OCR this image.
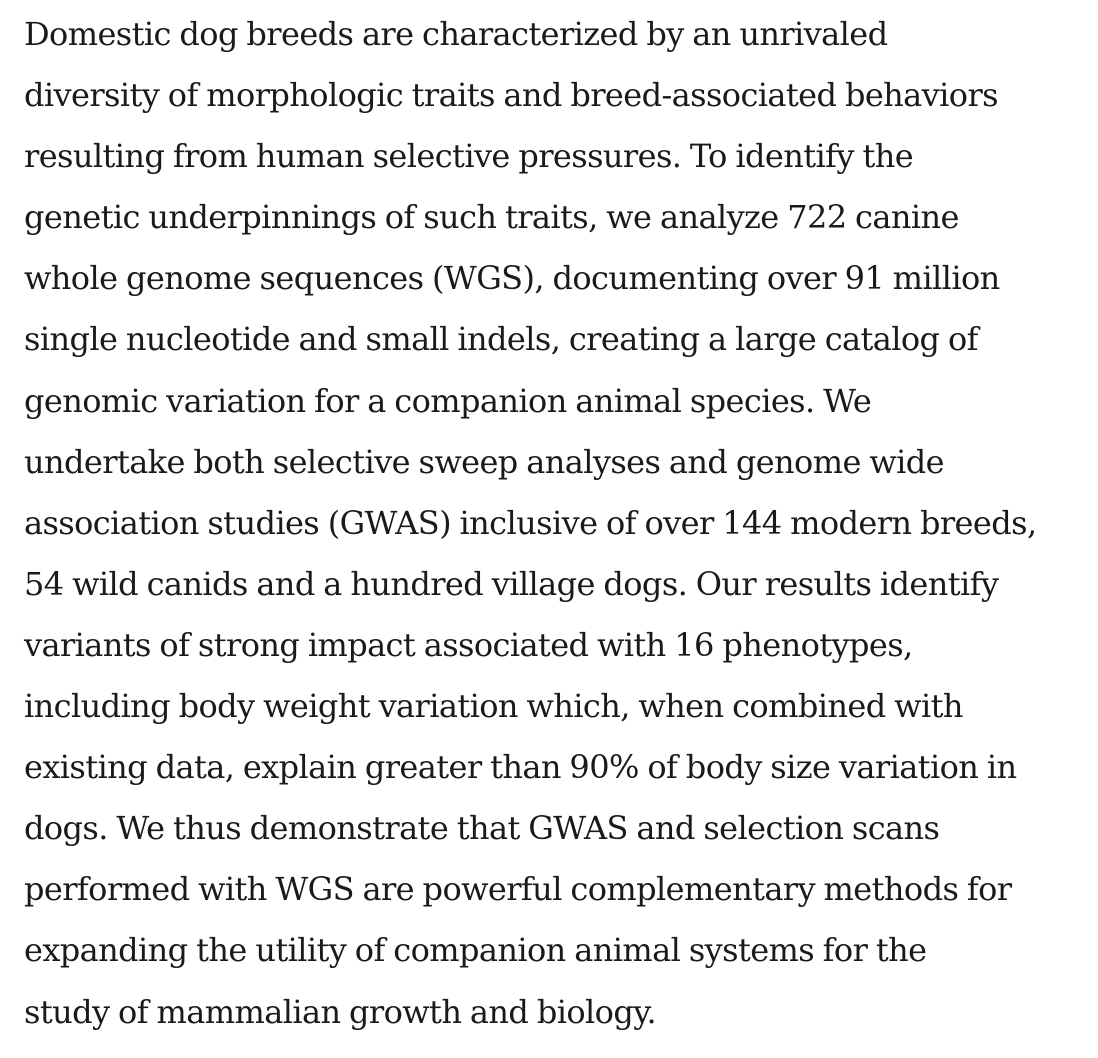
Domestic dog breeds are characterized by an unrivaled
diversity of morphologic traits and breed-associated behaviors
resulting from human selective pressures. To identify the
genetic underpinnings of such traits, we analyze 722 canine
whole genome sequences (WGS), documenting over 91 million
single nucleotide and small indels, creating a large catalog of
genomic variation for a companion animal species. We
undertake both selective sweep analyses and genome wide
association studies (GWAS) inclusive of over 144 modern breeds,
54 wild canids and a hundred village dogs. Our results identify
variants of strong impact associated with 16 phenotypes,
including body weight variation which, when combined with
existing data, explain greater than 90% of body size variation in
dogs. We thus demonstrate that GWAS and selection scans
performed with WGS are powerful complementary methods for
expanding the utility of companion animal systems for the
study of mammalian growth and biology.
